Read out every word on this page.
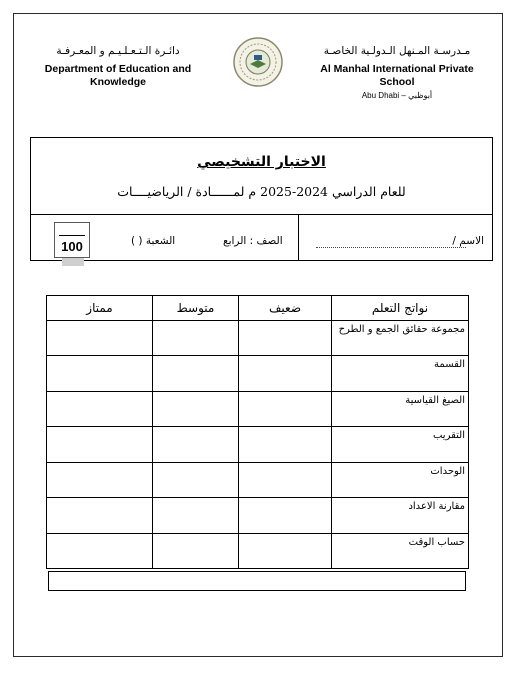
دائـرة الـتـعـلـيـم و المعـرفـة
Department of Education and Knowledge
مـدرسـة المـنهل الـدولـية الخاصـة
Al Manhal International Private School
Abu Dhabi – أبوظبي
الاختبار التشخيصي
للعام الدراسي 2024-2025 م لمــــــادة / الرياضيــــات
الاسم /
الصف : الرابع
الشعبة ( )
100
نواتج التعلم	ضعيف	متوسط	ممتاز
مجموعة حقائق الجمع و الطرح			
القسمة			
الصيغ القياسية			
التقريب			
الوحدات			
مقارنة الاعداد			
حساب الوقت			
